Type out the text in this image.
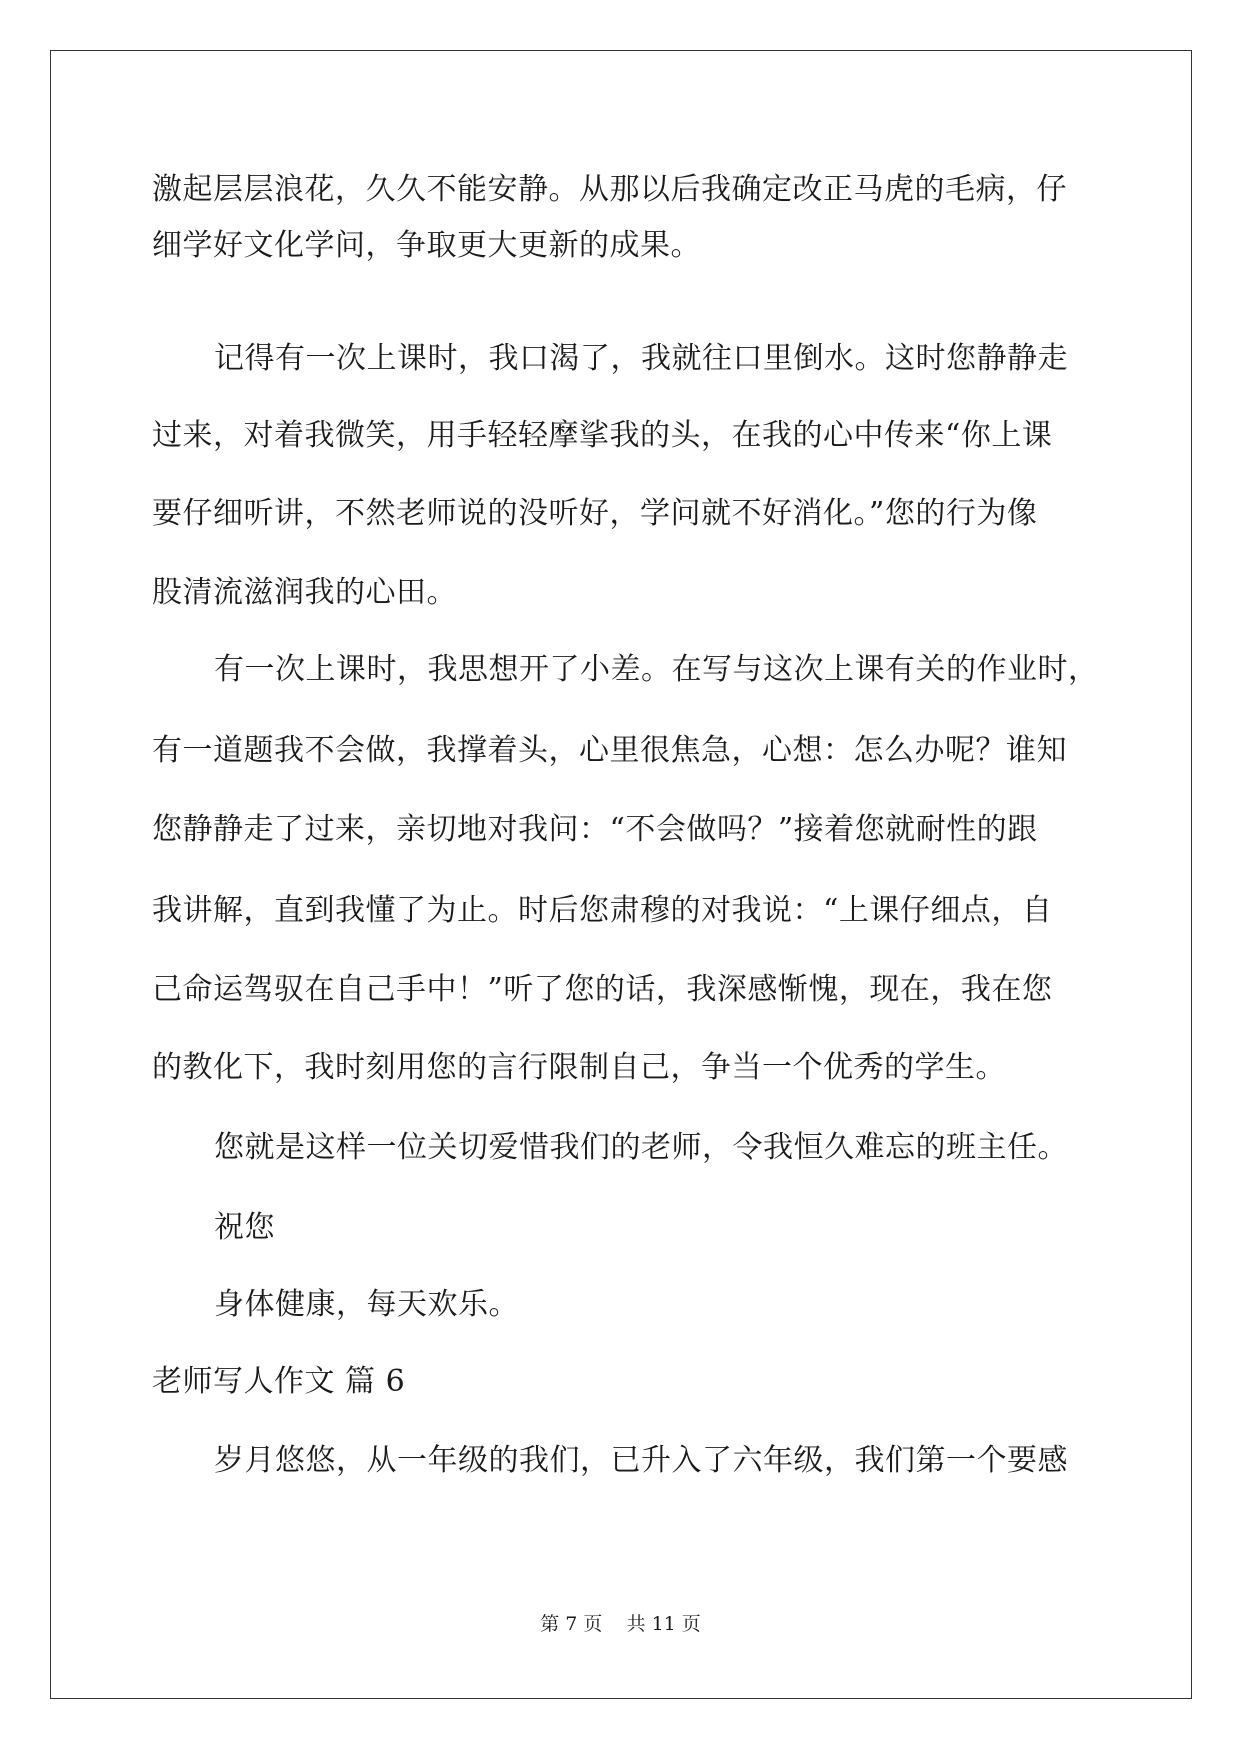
激起层层浪花，久久不能安静。从那以后我确定改正马虎的毛病，仔
细学好文化学问，争取更大更新的成果。
记得有一次上课时，我口渴了，我就往口里倒水。这时您静静走
过来，对着我微笑，用手轻轻摩挲我的头，在我的心中传来“你上课
要仔细听讲，不然老师说的没听好，学问就不好消化。”您的行为像
股清流滋润我的心田。
有一次上课时，我思想开了小差。在写与这次上课有关的作业时，
有一道题我不会做，我撑着头，心里很焦急，心想：怎么办呢？谁知
您静静走了过来，亲切地对我问：“不会做吗？”接着您就耐性的跟
我讲解，直到我懂了为止。时后您肃穆的对我说：“上课仔细点，自
己命运驾驭在自己手中！”听了您的话，我深感惭愧，现在，我在您
的教化下，我时刻用您的言行限制自己，争当一个优秀的学生。
您就是这样一位关切爱惜我们的老师，令我恒久难忘的班主任。
祝您
身体健康，每天欢乐。
老师写人作文 篇 6
岁月悠悠，从一年级的我们，已升入了六年级，我们第一个要感
第 7 页    共 11 页
